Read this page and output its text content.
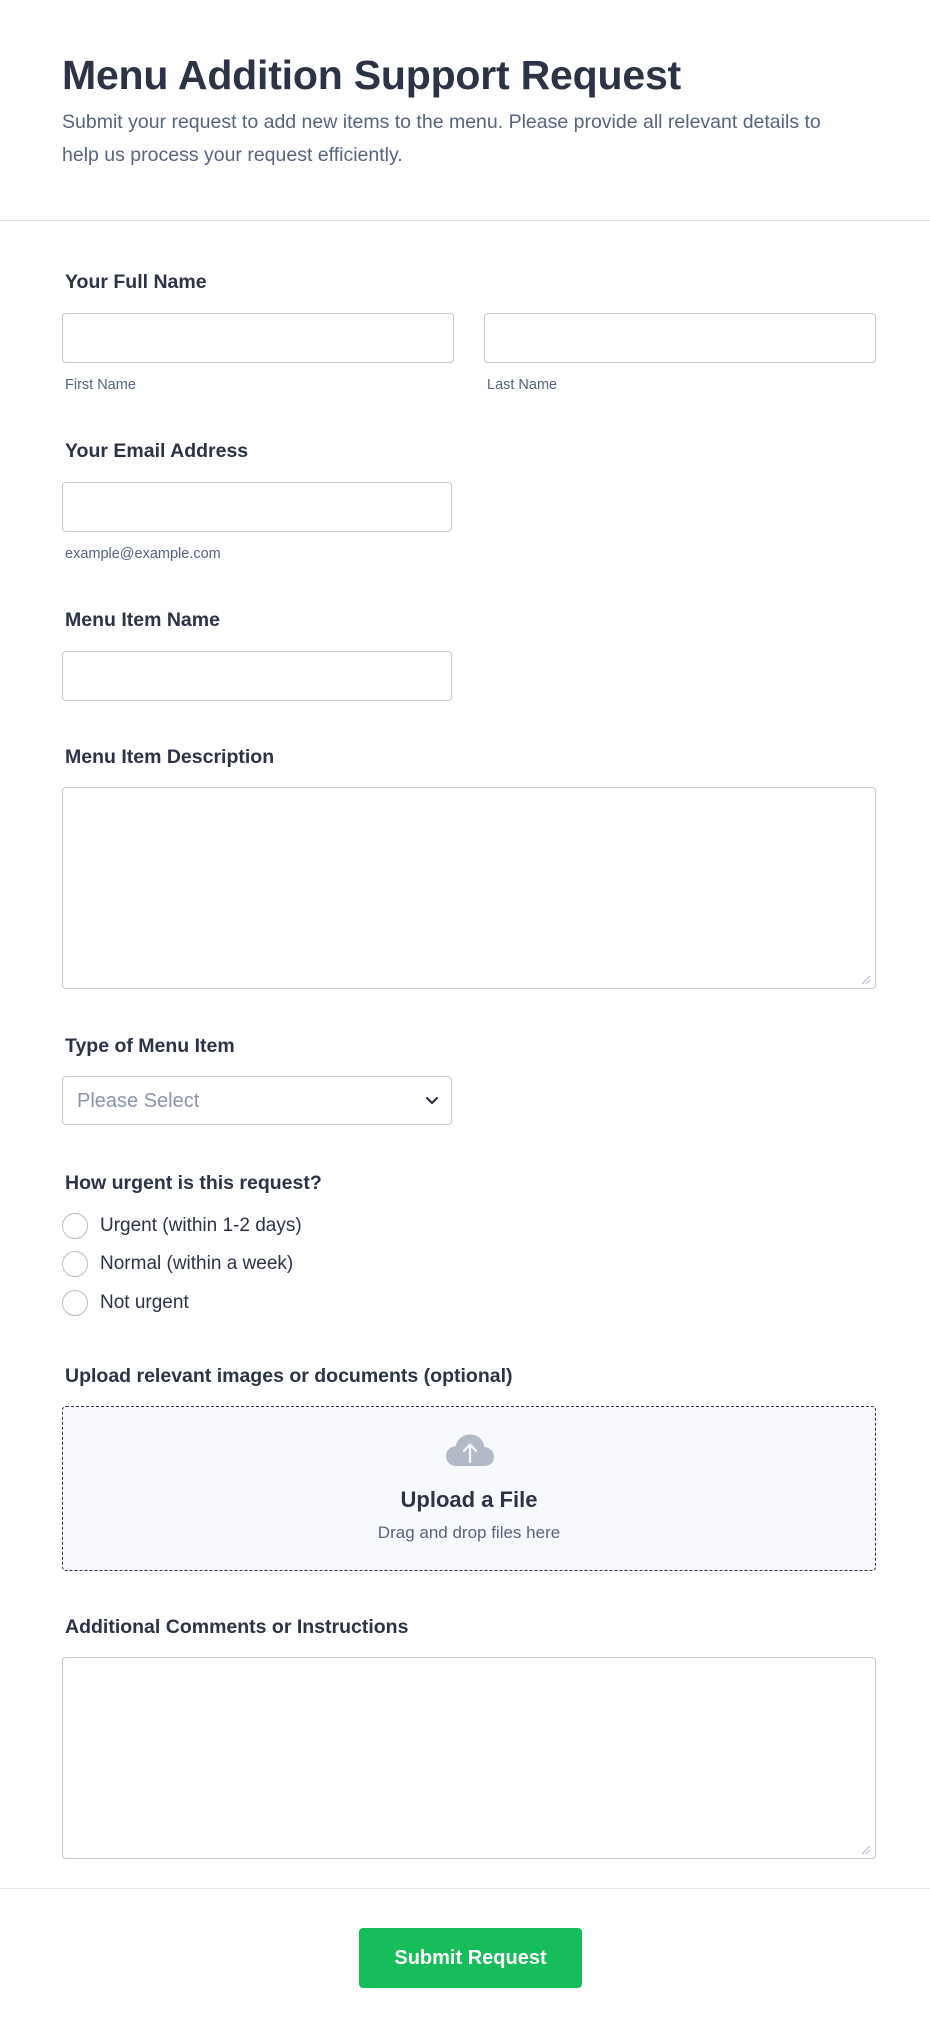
Menu Addition Support Request

Submit your request to add new items to the menu. Please provide all relevant details to help us process your request efficiently.

Your Full Name
First Name	Last Name
Your Email Address
example@example.com
Menu Item Name
Menu Item Description
Type of Menu Item
Please Select
How urgent is this request?
Urgent (within 1-2 days)
Normal (within a week)
Not urgent
Upload relevant images or documents (optional)
Upload a File
Drag and drop files here
Additional Comments or Instructions
Submit Request
